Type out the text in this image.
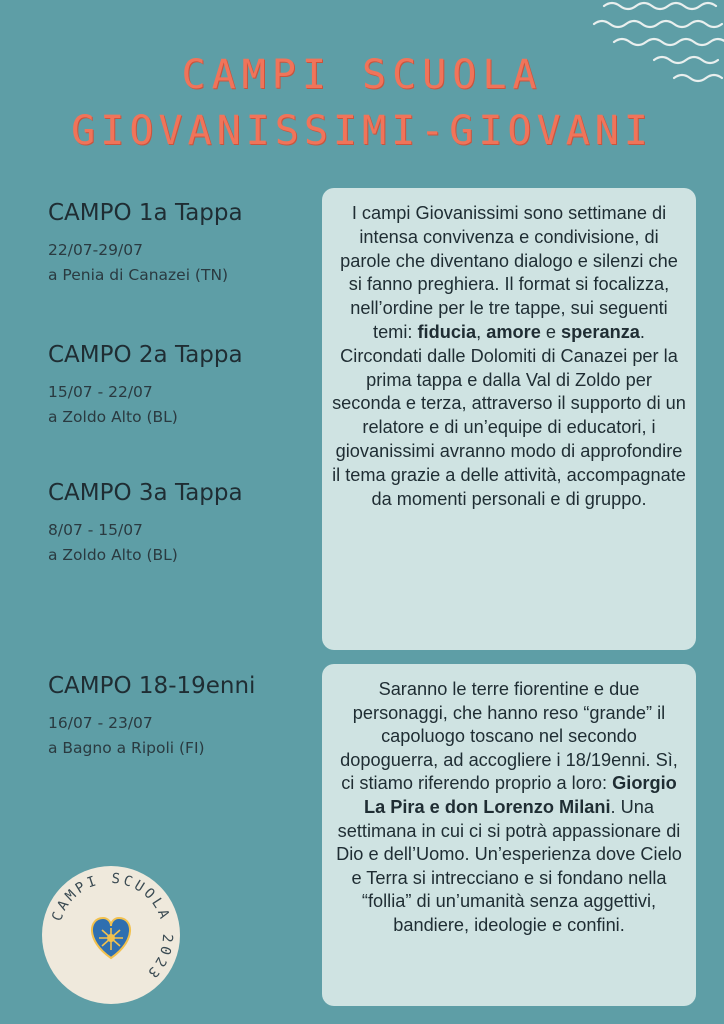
CAMPI SCUOLA
GIOVANISSIMI-GIOVANI
CAMPO 1a Tappa
22/07-29/07
a Penia di Canazei (TN)
CAMPO 2a Tappa
15/07 - 22/07
a Zoldo Alto (BL)
CAMPO 3a Tappa
8/07 - 15/07
a Zoldo Alto (BL)
CAMPO 18-19enni
16/07 - 23/07
a Bagno a Ripoli (FI)
I campi Giovanissimi sono settimane di intensa convivenza e condivisione, di parole che diventano dialogo e silenzi che si fanno preghiera. Il format si focalizza, nell’ordine per le tre tappe, sui seguenti temi: fiducia, amore e speranza. Circondati dalle Dolomiti di Canazei per la prima tappa e dalla Val di Zoldo per seconda e terza, attraverso il supporto di un relatore e di un’equipe di educatori, i giovanissimi avranno modo di approfondire il tema grazie a delle attività, accompagnate da momenti personali e di gruppo.
Saranno le terre fiorentine e due personaggi, che hanno reso “grande” il capoluogo toscano nel secondo dopoguerra, ad accogliere i 18/19enni. Sì, ci stiamo riferendo proprio a loro: Giorgio La Pira e don Lorenzo Milani. Una settimana in cui ci si potrà appassionare di Dio e dell’Uomo. Un’esperienza dove Cielo e Terra si intrecciano e si fondano nella “follia” di un’umanità senza aggettivi, bandiere, ideologie e confini.
CAMPI SCUOLA 2023
